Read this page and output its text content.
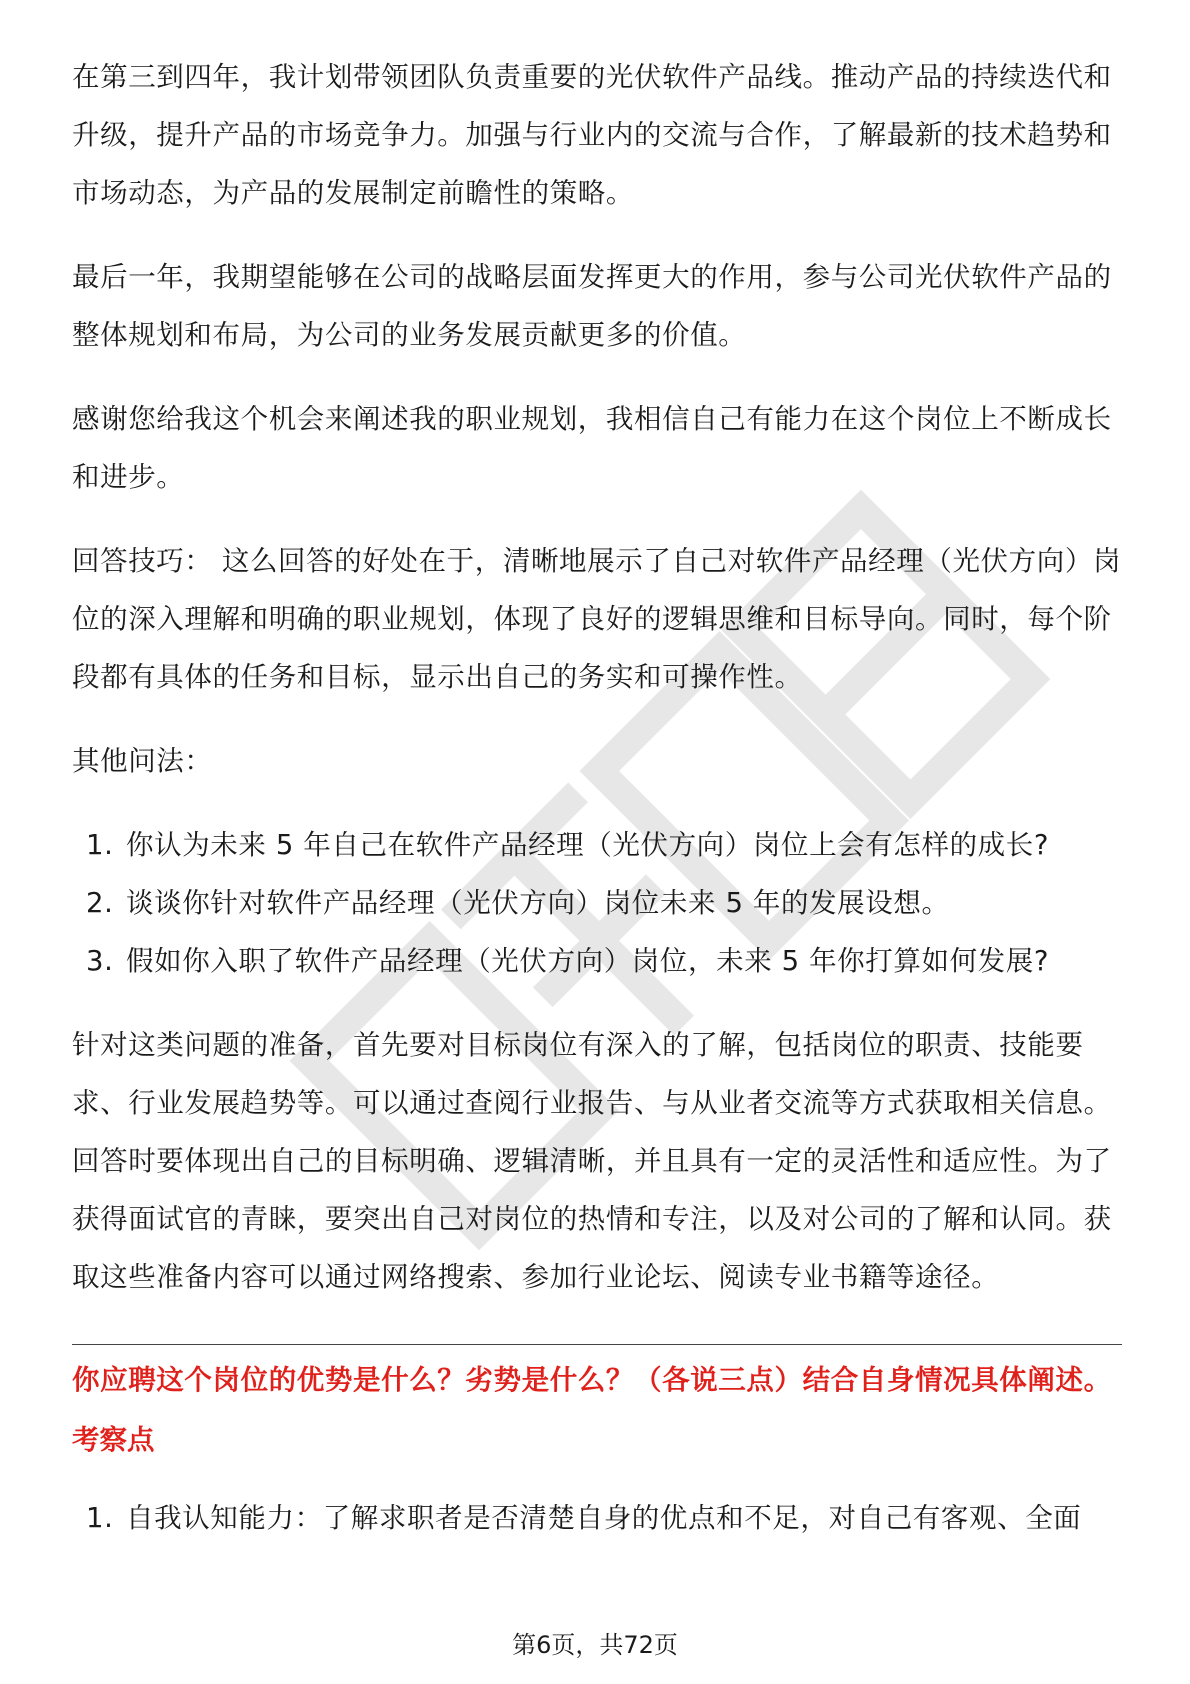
在第三到四年，我计划带领团队负责重要的光伏软件产品线。推动产品的持续迭代和升级，提升产品的市场竞争力。加强与行业内的交流与合作，了解最新的技术趋势和市场动态，为产品的发展制定前瞻性的策略。

最后一年，我期望能够在公司的战略层面发挥更大的作用，参与公司光伏软件产品的整体规划和布局，为公司的业务发展贡献更多的价值。

感谢您给我这个机会来阐述我的职业规划，我相信自己有能力在这个岗位上不断成长和进步。

回答技巧： 这么回答的好处在于，清晰地展示了自己对软件产品经理（光伏方向）岗位的深入理解和明确的职业规划，体现了良好的逻辑思维和目标导向。同时，每个阶段都有具体的任务和目标，显示出自己的务实和可操作性。

其他问法：

1. 你认为未来 5 年自己在软件产品经理（光伏方向）岗位上会有怎样的成长?
2. 谈谈你针对软件产品经理（光伏方向）岗位未来 5 年的发展设想。
3. 假如你入职了软件产品经理（光伏方向）岗位，未来 5 年你打算如何发展?

针对这类问题的准备，首先要对目标岗位有深入的了解，包括岗位的职责、技能要求、行业发展趋势等。可以通过查阅行业报告、与从业者交流等方式获取相关信息。回答时要体现出自己的目标明确、逻辑清晰，并且具有一定的灵活性和适应性。为了获得面试官的青睐，要突出自己对岗位的热情和专注，以及对公司的了解和认同。获取这些准备内容可以通过网络搜索、参加行业论坛、阅读专业书籍等途径。

你应聘这个岗位的优势是什么？劣势是什么？（各说三点）结合自身情况具体阐述。
考察点
1. 自我认知能力：了解求职者是否清楚自身的优点和不足，对自己有客观、全面
第6页，共72页
